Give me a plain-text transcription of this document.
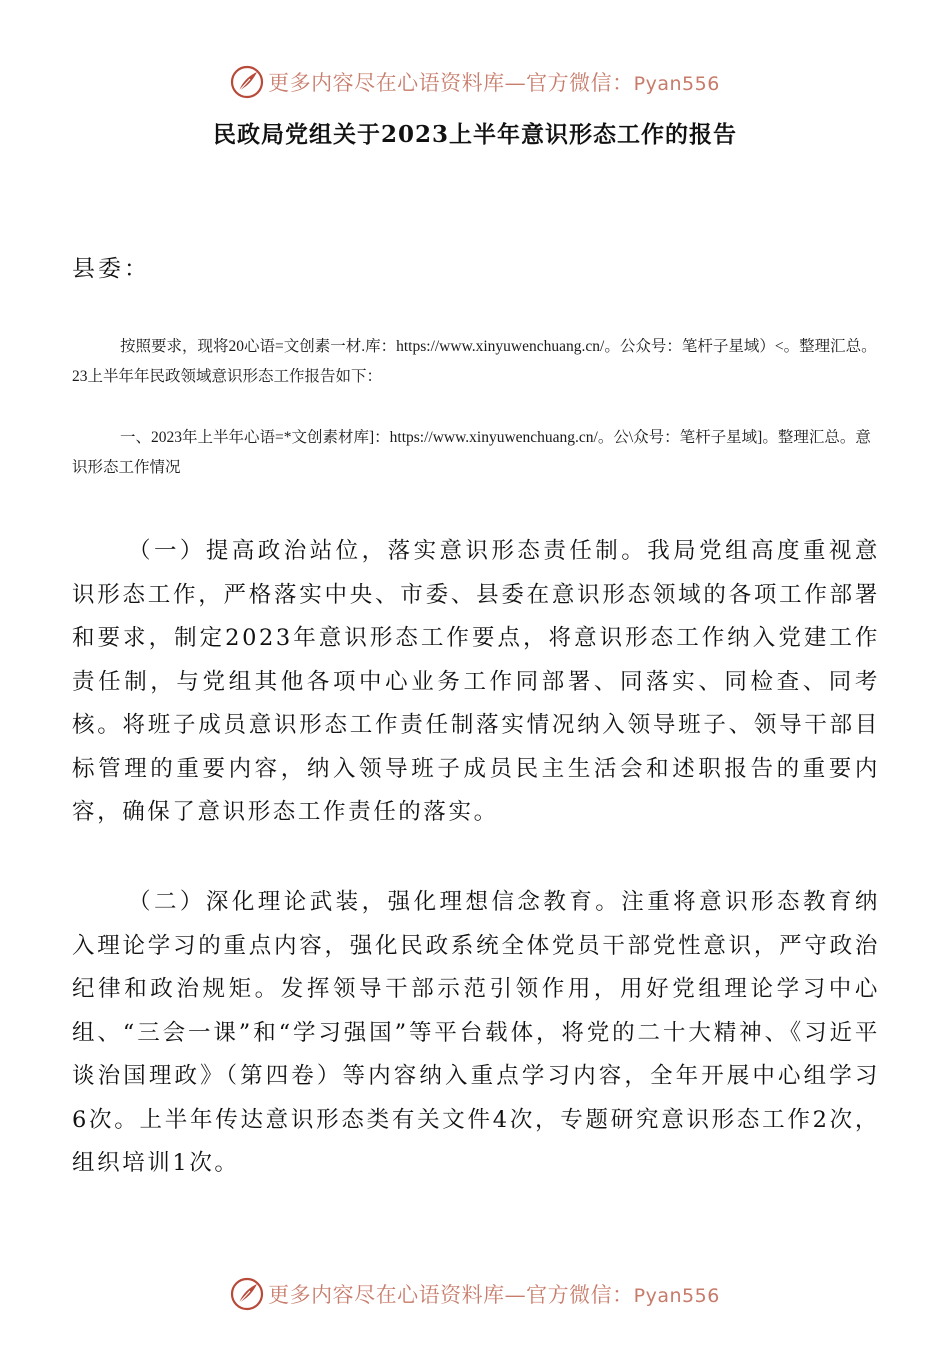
更多内容尽在心语资料库—官方微信：Pyan556
民政局党组关于2023上半年意识形态工作的报告

县委：

按照要求，现将20心语=文创素一材.库：https://www.xinyuwenchuang.cn/。公众号：笔杆子星域）<。整理汇总。23上半年年民政领域意识形态工作报告如下：

一、2023年上半年心语=*文创素材库]：https://www.xinyuwenchuang.cn/。公\众号：笔杆子星域]。整理汇总。意识形态工作情况

（一）提高政治站位，落实意识形态责任制。我局党组高度重视意识形态工作，严格落实中央、市委、县委在意识形态领域的各项工作部署和要求，制定2023年意识形态工作要点，将意识形态工作纳入党建工作责任制，与党组其他各项中心业务工作同部署、同落实、同检查、同考核。将班子成员意识形态工作责任制落实情况纳入领导班子、领导干部目标管理的重要内容，纳入领导班子成员民主生活会和述职报告的重要内容，确保了意识形态工作责任的落实。

（二）深化理论武装，强化理想信念教育。注重将意识形态教育纳入理论学习的重点内容，强化民政系统全体党员干部党性意识，严守政治纪律和政治规矩。发挥领导干部示范引领作用，用好党组理论学习中心组、“三会一课”和“学习强国”等平台载体，将党的二十大精神、《习近平谈治国理政》（第四卷）等内容纳入重点学习内容，全年开展中心组学习6次。上半年传达意识形态类有关文件4次，专题研究意识形态工作2次，组织培训1次。

更多内容尽在心语资料库—官方微信：Pyan556
